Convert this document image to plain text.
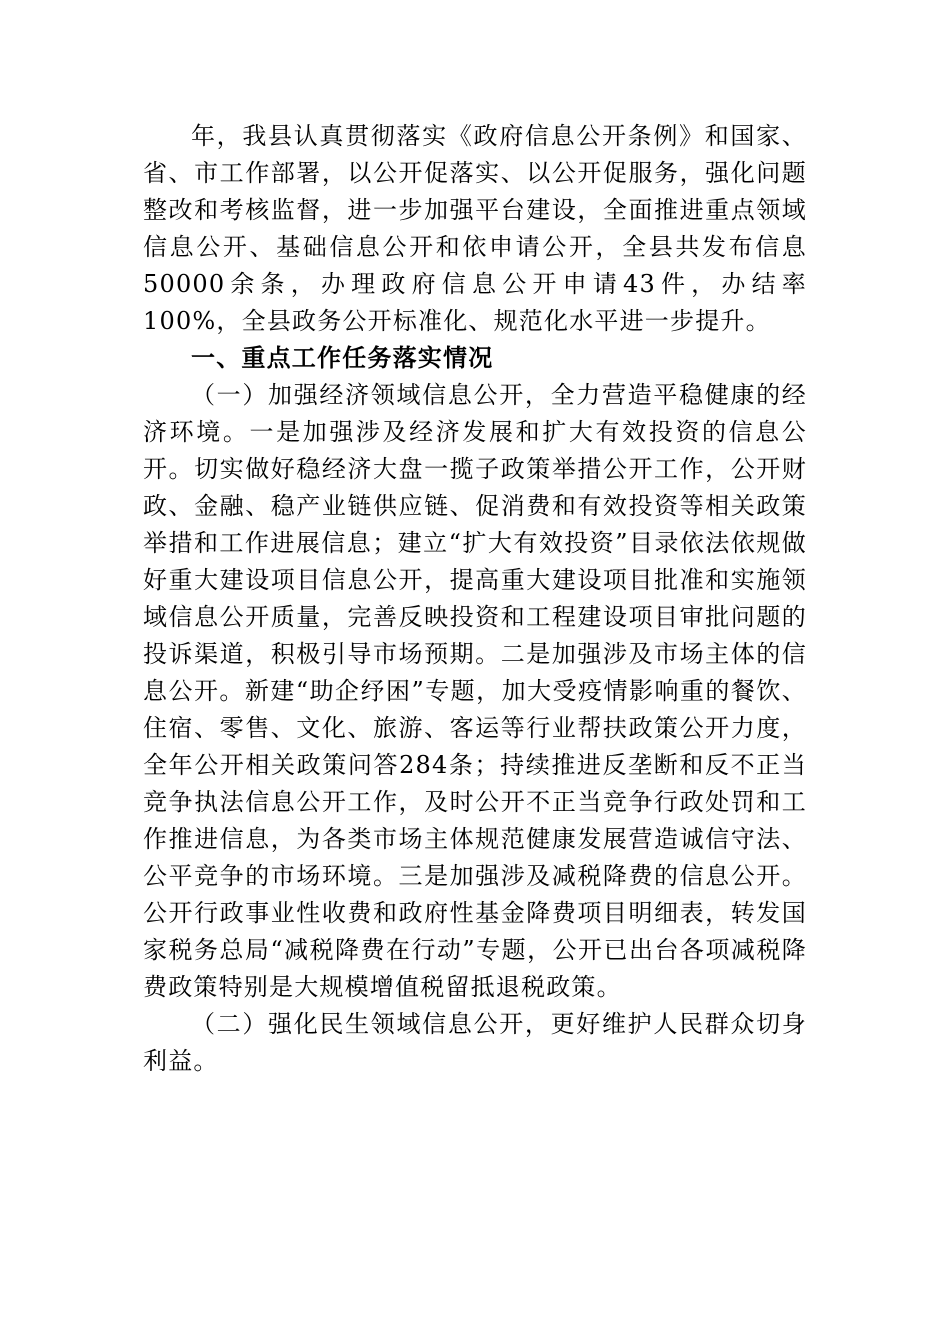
年，我县认真贯彻落实《政府信息公开条例》和国家、省、市工作部署，以公开促落实、以公开促服务，强化问题整改和考核监督，进一步加强平台建设，全面推进重点领域信息公开、基础信息公开和依申请公开，全县共发布信息50000余条，办理政府信息公开申请43件，办结率100%，全县政务公开标准化、规范化水平进一步提升。

一、重点工作任务落实情况

（一）加强经济领域信息公开，全力营造平稳健康的经济环境。一是加强涉及经济发展和扩大有效投资的信息公开。切实做好稳经济大盘一揽子政策举措公开工作，公开财政、金融、稳产业链供应链、促消费和有效投资等相关政策举措和工作进展信息；建立“扩大有效投资”目录依法依规做好重大建设项目信息公开，提高重大建设项目批准和实施领域信息公开质量，完善反映投资和工程建设项目审批问题的投诉渠道，积极引导市场预期。二是加强涉及市场主体的信息公开。新建“助企纾困”专题，加大受疫情影响重的餐饮、住宿、零售、文化、旅游、客运等行业帮扶政策公开力度，全年公开相关政策问答284条；持续推进反垄断和反不正当竞争执法信息公开工作，及时公开不正当竞争行政处罚和工作推进信息，为各类市场主体规范健康发展营造诚信守法、公平竞争的市场环境。三是加强涉及减税降费的信息公开。公开行政事业性收费和政府性基金降费项目明细表，转发国家税务总局“减税降费在行动”专题，公开已出台各项减税降费政策特别是大规模增值税留抵退税政策。

（二）强化民生领域信息公开，更好维护人民群众切身利益。
